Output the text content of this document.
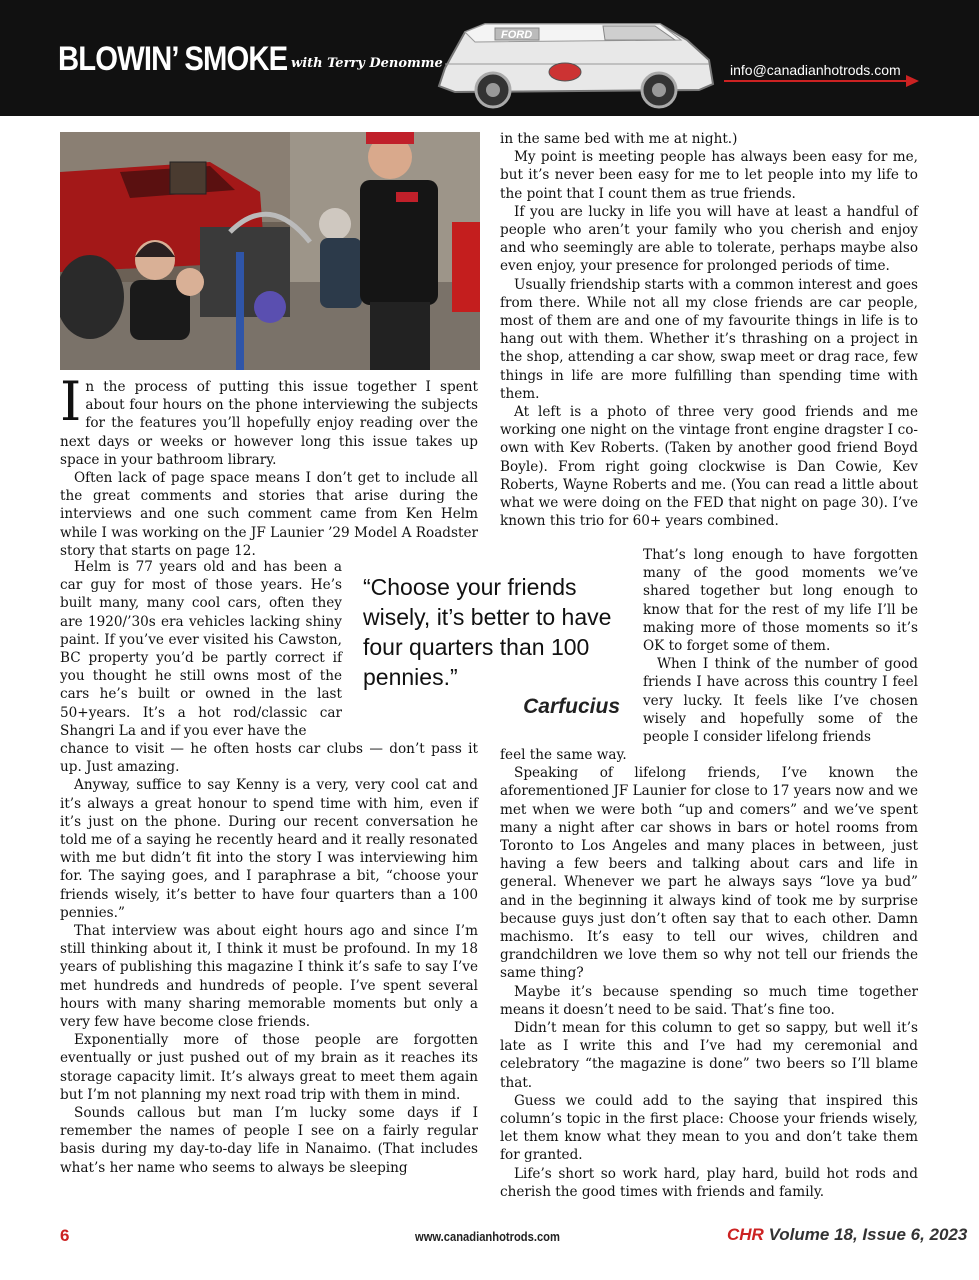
BLOWIN’ SMOKE with Terry Denomme
FORD
info@canadianhotrods.com

In the process of putting this issue together I spent about four hours on the phone interviewing the subjects for the features you’ll hopefully enjoy reading over the next days or weeks or however long this issue takes up space in your bathroom library.

Often lack of page space means I don’t get to include all the great comments and stories that arise during the interviews and one such comment came from Ken Helm while I was working on the JF Launier ’29 Model A Roadster story that starts on page 12.

Helm is 77 years old and has been a car guy for most of those years. He’s built many, many cool cars, often they are 1920/’30s era vehicles lacking shiny paint. If you’ve ever visited his Cawston, BC property you’d be partly correct if you thought he still owns most of the cars he’s built or owned in the last 50+years. It’s a hot rod/classic car Shangri La and if you ever have the

chance to visit — he often hosts car clubs — don’t pass it up. Just amazing.

Anyway, suffice to say Kenny is a very, very cool cat and it’s always a great honour to spend time with him, even if it’s just on the phone. During our recent conversation he told me of a saying he recently heard and it really resonated with me but didn’t fit into the story I was interviewing him for. The saying goes, and I paraphrase a bit, “choose your friends wisely, it’s better to have four quarters than a 100 pennies.”

That interview was about eight hours ago and since I’m still thinking about it, I think it must be profound. In my 18 years of publishing this magazine I think it’s safe to say I’ve met hundreds and hundreds of people. I’ve spent several hours with many sharing memorable moments but only a very few have become close friends.

Exponentially more of those people are forgotten eventually or just pushed out of my brain as it reaches its storage capacity limit. It’s always great to meet them again but I’m not planning my next road trip with them in mind.

Sounds callous but man I’m lucky some days if I remember the names of people I see on a fairly regular basis during my day-to-day life in Nanaimo. (That includes what’s her name who seems to always be sleeping

“Choose your friends wisely, it’s better to have four quarters than 100 pennies.”
Carfucius

in the same bed with me at night.)

My point is meeting people has always been easy for me, but it’s never been easy for me to let people into my life to the point that I count them as true friends.

If you are lucky in life you will have at least a handful of people who aren’t your family who you cherish and enjoy and who seemingly are able to tolerate, perhaps maybe also even enjoy, your presence for prolonged periods of time.

Usually friendship starts with a common interest and goes from there. While not all my close friends are car people, most of them are and one of my favourite things in life is to hang out with them. Whether it’s thrashing on a project in the shop, attending a car show, swap meet or drag race, few things in life are more fulfilling than spending time with them.

At left is a photo of three very good friends and me working one night on the vintage front engine dragster I co-own with Kev Roberts. (Taken by another good friend Boyd Boyle). From right going clockwise is Dan Cowie, Kev Roberts, Wayne Roberts and me. (You can read a little about what we were doing on the FED that night on page 30). I’ve known this trio for 60+ years combined.

That’s long enough to have forgotten many of the good moments we’ve shared together but long enough to know that for the rest of my life I’ll be making more of those moments so it’s OK to forget some of them.

When I think of the number of good friends I have across this country I feel very lucky. It feels like I’ve chosen wisely and hopefully some of the people I consider lifelong friends

feel the same way.

Speaking of lifelong friends, I’ve known the aforementioned JF Launier for close to 17 years now and we met when we were both “up and comers” and we’ve spent many a night after car shows in bars or hotel rooms from Toronto to Los Angeles and many places in between, just having a few beers and talking about cars and life in general. Whenever we part he always says “love ya bud” and in the beginning it always kind of took me by surprise because guys just don’t often say that to each other. Damn machismo. It’s easy to tell our wives, children and grandchildren we love them so why not tell our friends the same thing?

Maybe it’s because spending so much time together means it doesn’t need to be said. That’s fine too.

Didn’t mean for this column to get so sappy, but well it’s late as I write this and I’ve had my ceremonial and celebratory “the magazine is done” two beers so I’ll blame that.

Guess we could add to the saying that inspired this column’s topic in the first place: Choose your friends wisely, let them know what they mean to you and don’t take them for granted.

Life’s short so work hard, play hard, build hot rods and cherish the good times with friends and family.

6	www.canadianhotrods.com	CHR Volume 18, Issue 6, 2023
